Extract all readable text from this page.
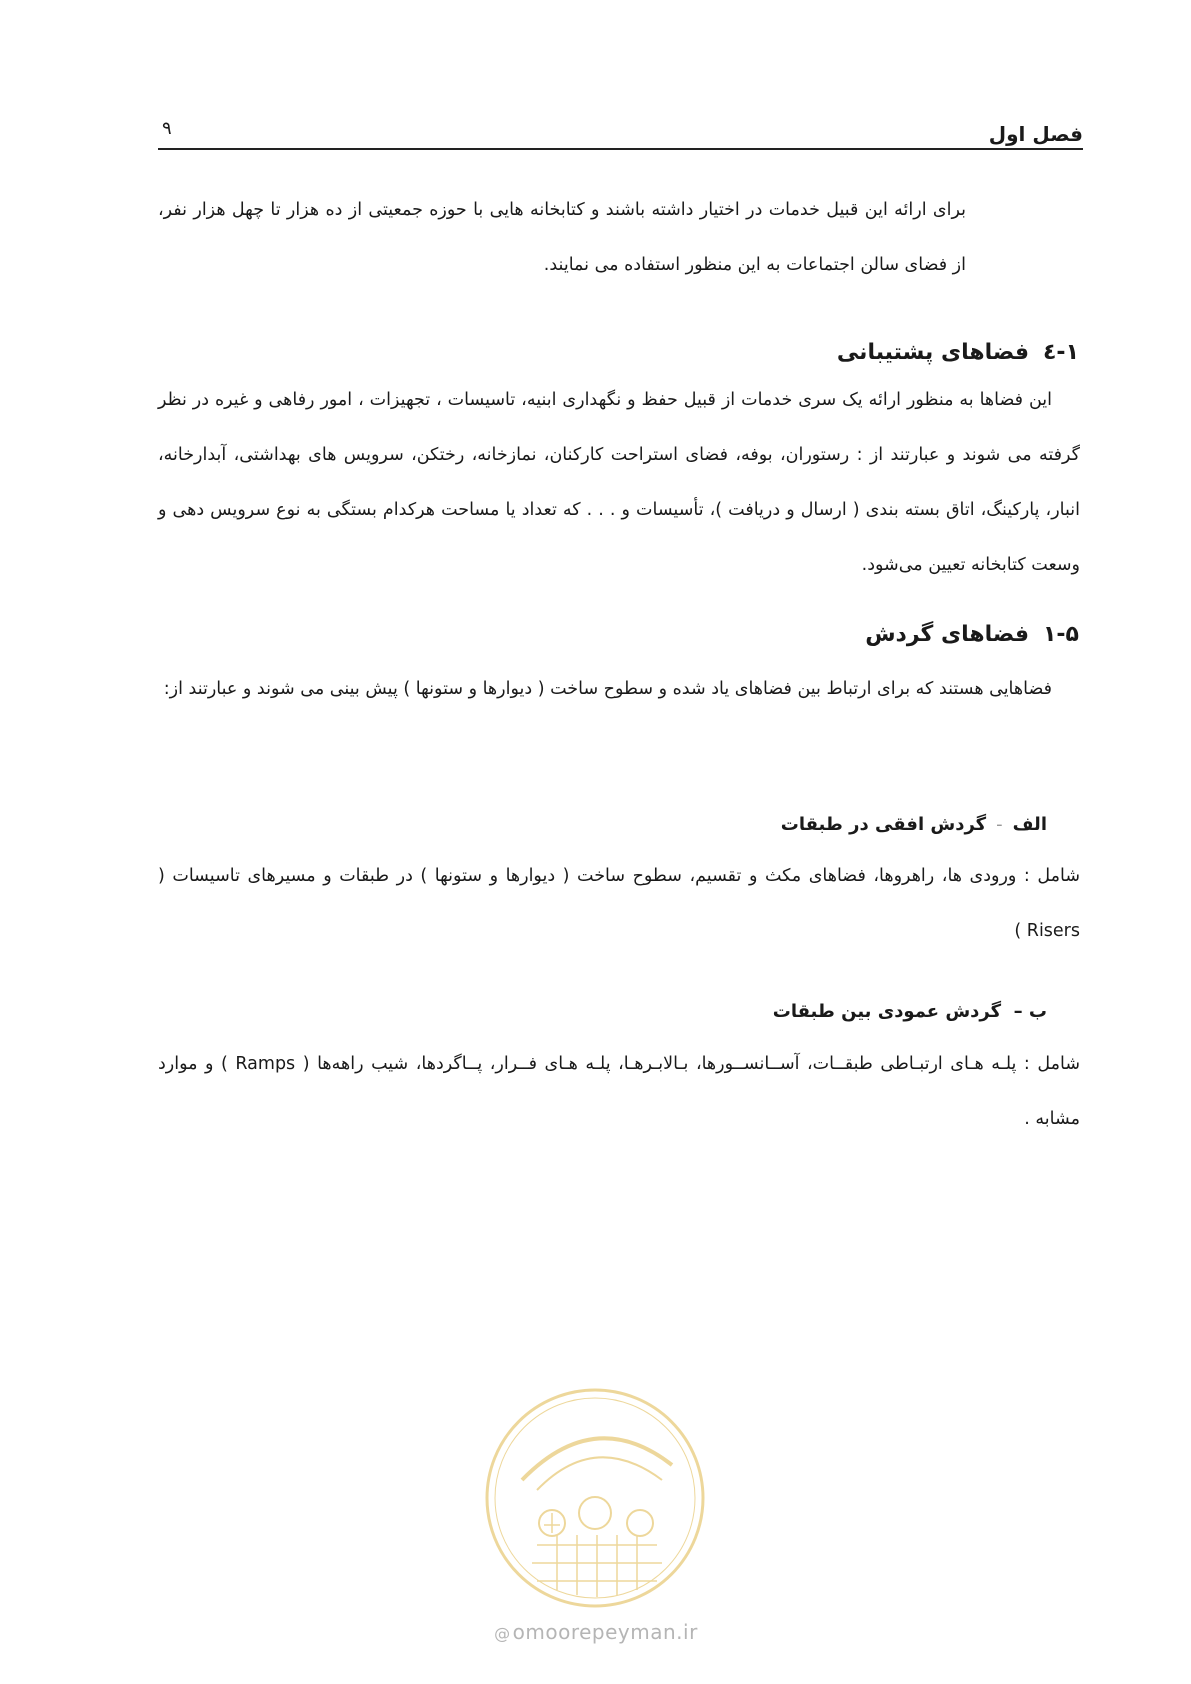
فصل اول
۹

برای ارائه این قبیل خدمات در اختیار داشته باشند و کتابخانه هایی با حوزه جمعیتی از ده هزار تا چهل هزار نفر، از فضای سالن اجتماعات به این منظور استفاده می نمایند.

۱-٤فضاهای پشتیبانی

این فضاها به منظور ارائه یک سری خدمات از قبیل حفظ و نگهداری ابنیه، تاسیسات ، تجهیزات ، امور رفاهی و غیره در نظر گرفته می شوند و عبارتند از : رستوران، بوفه، فضای استراحت کارکنان، نمازخانه، رختکن، سرویس های بهداشتی، آبدارخانه، انبار، پارکینگ، اتاق بسته بندی ( ارسال و دریافت )، تأسیسات و . . . که تعداد یا مساحت هرکدام بستگی به نوع سرویس دهی و وسعت کتابخانه تعیین می‌شود.

۱-۵فضاهای گردش

فضاهایی هستند که برای ارتباط بین فضاهای یاد شده و سطوح ساخت ( دیوارها و ستونها ) پیش بینی می شوند و عبارتند از:

الف-گردش افقی در طبقات

شامل : ورودی ها، راهروها، فضاهای مکث و تقسیم، سطوح ساخت ( دیوارها و ستونها ) در طبقات و مسیرهای تاسیسات ( Risers )

ب –  گردش عمودی بین طبقات

شامل : پلـه هـای ارتبـاطی طبقــات، آســانســورها، بـالابـرهـا، پلـه هـای فــرار، پــاگردها، شیب راهه‌ها ( Ramps ) و موارد مشابه .

@ omoorepeyman.ir
